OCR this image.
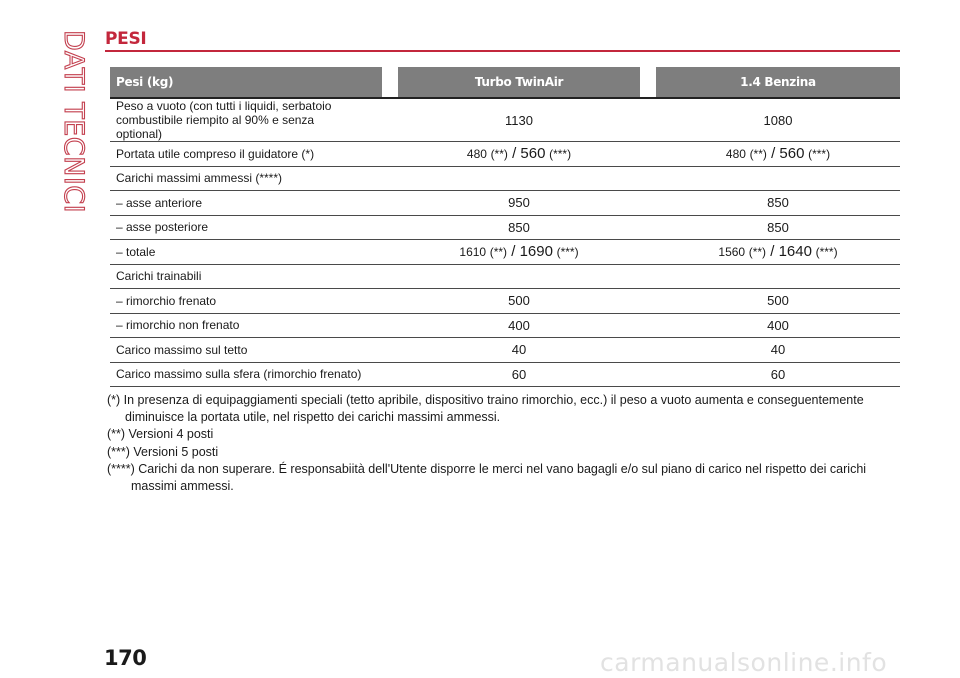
DATI TECNICI PESI
Pesi (kg)		Turbo TwinAir		1.4 Benzina
Peso a vuoto (con tutti i liquidi, serbatoio combustibile riempito al 90% e senza optional)		1130		1080
Portata utile compreso il guidatore (*)		480 (**) / 560 (***)		480 (**) / 560 (***)
Carichi massimi ammessi (****)				
– asse anteriore		950		850
– asse posteriore		850		850
– totale		1610 (**) / 1690 (***)		1560 (**) / 1640 (***)
Carichi trainabili				
– rimorchio frenato		500		500
– rimorchio non frenato		400		400
Carico massimo sul tetto		40		40
Carico massimo sulla sfera (rimorchio frenato)		60		60

(*) In presenza di equipaggiamenti speciali (tetto apribile, dispositivo traino rimorchio, ecc.) il peso a vuoto aumenta e conseguentemente diminuisce la portata utile, nel rispetto dei carichi massimi ammessi.

(**) Versioni 4 posti

(***) Versioni 5 posti

(****) Carichi da non superare. É responsabiità dell'Utente disporre le merci nel vano bagagli e/o sul piano di carico nel rispetto dei carichi massimi ammessi.

170	carmanualsonline.info
